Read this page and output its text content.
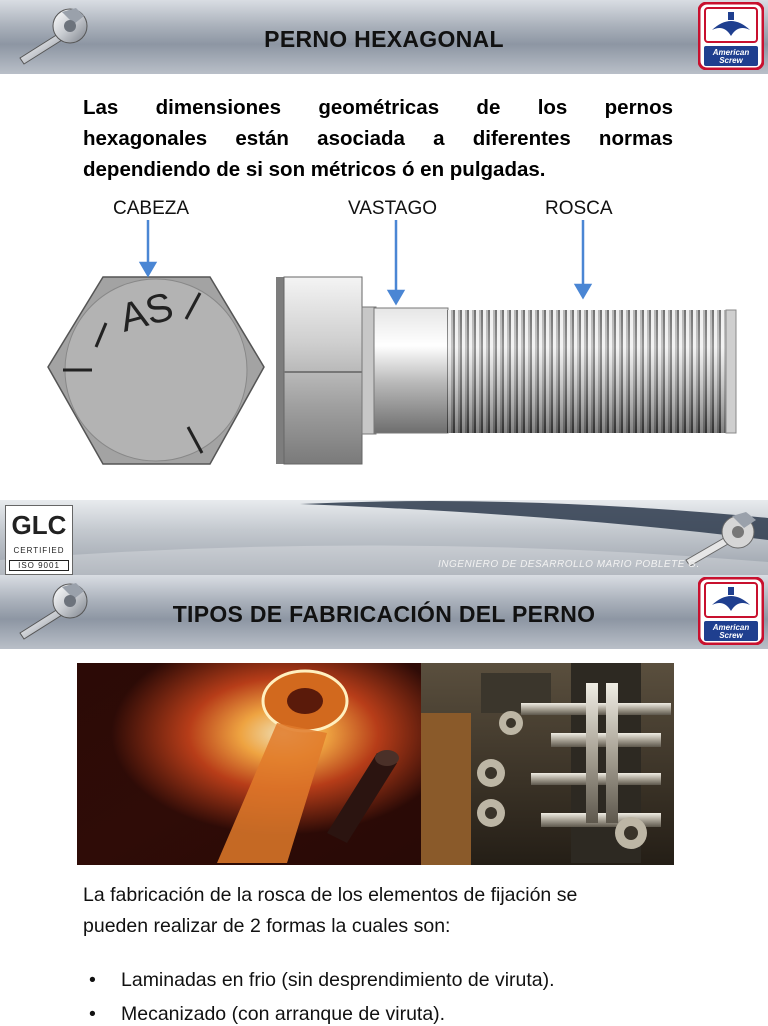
PERNO HEXAGONAL
American
Screw
Las dimensiones geométricas de los pernos
hexagonales están asociada a diferentes normas
dependiendo de si son métricos ó en pulgadas.
CABEZA	VASTAGO	ROSCA
AS
INGENIERO DE DESARROLLO MARIO POBLETE G.
GLC
CERTIFIED
ISO 9001
TIPOS DE FABRICACIÓN DEL PERNO
American
Screw
La fabricación de la rosca de los elementos de fijación se
pueden realizar de 2 formas la cuales son:
• Laminadas en frio (sin desprendimiento de viruta).
• Mecanizado (con arranque de viruta).
